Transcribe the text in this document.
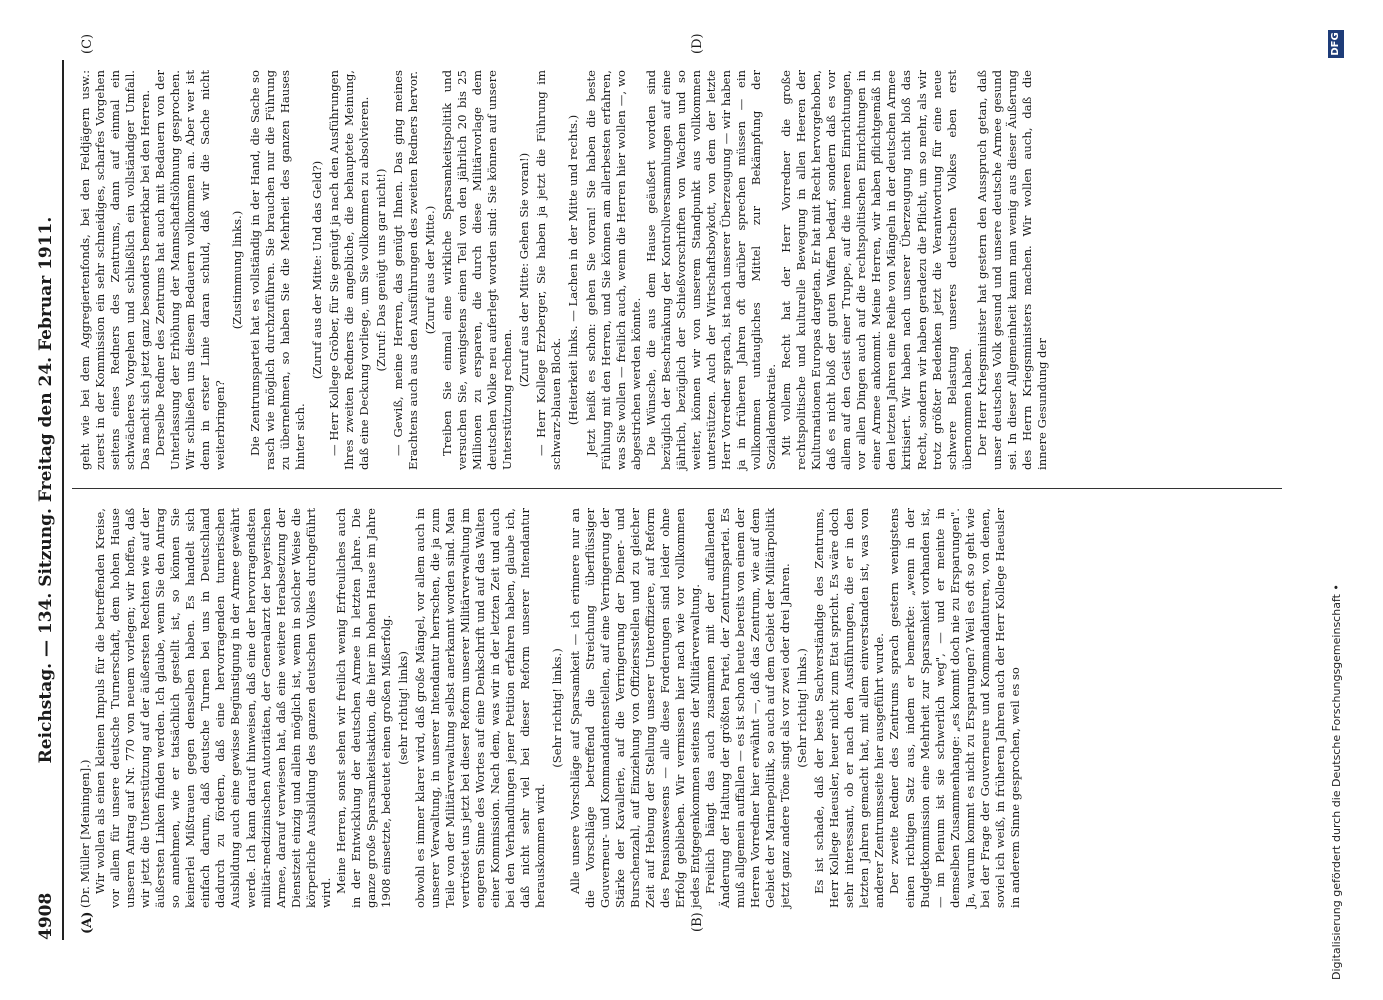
4908
Reichstag. — 134. Sitzung. Freitag den 24. Februar 1911.
(A)	(B)
(C)	(D)

(Dr. Müller [Meiningen].) Wir wollen als einen kleinen Impuls für die betreffenden Kreise, vor allem für unsere deutsche Turnerschaft, dem hohen Hause unseren Antrag auf Nr. 770 von neuem vorlegen; wir hoffen, daß wir jetzt die Unterstützung auf der äußersten Rechten wie auf der äußersten Linken finden werden. Ich glaube, wenn Sie den Antrag so annehmen, wie er tatsächlich gestellt ist, so können Sie keinerlei Mißtrauen gegen denselben haben. Es handelt sich einfach darum, daß deutsche Turnen bei uns in Deutschland dadurch zu fördern, daß eine hervorragenden turnerischen Ausbildung auch eine gewisse Begünstigung in der Armee gewährt werde. Ich kann darauf hinweisen, daß eine der hervorragendsten militär-medizinischen Autoritäten, der Generalarzt der bayerischen Armee, darauf verwiesen hat, daß eine weitere Herabsetzung der Dienstzeit einzig und allein möglich ist, wenn in solcher Weise die körperliche Ausbildung des ganzen deutschen Volkes durchgeführt wird. Meine Herren, sonst sehen wir freilich wenig Erfreuliches auch in der Entwicklung der deutschen Armee in letzten Jahre. Die ganze große Sparsamkeitsaktion, die hier im hohen Hause im Jahre 1908 einsetzte, bedeutet einen großen Mißerfolg. (sehr richtig! links) obwohl es immer klarer wird, daß große Mängel, vor allem auch in unserer Verwaltung, in unserer Intendantur herrschen, die ja zum Teile von der Militärverwaltung selbst anerkannt worden sind. Man vertröstet uns jetzt bei dieser Reform unserer Militärverwaltung im engeren Sinne des Wortes auf eine Denkschrift und auf das Walten einer Kommission. Nach dem, was wir in der letzten Zeit und auch bei den Verhandlungen jener Petition erfahren haben, glaube ich, daß nicht sehr viel bei dieser Reform unserer Intendantur herauskommen wird.

(Sehr richtig! links.) Alle unsere Vorschläge auf Sparsamkeit — ich erinnere nur an die Vorschläge betreffend die Streichung überflüssiger Gouverneur- und Kommandantenstellen, auf eine Verringerung der Stärke der Kavallerie, auf die Verringerung der Diener- und Burschenzahl, auf Einziehung von Offiziersstellen und zu gleicher Zeit auf Hebung der Stellung unserer Unteroffiziere, auf Reform des Pensionswesens — alle diese Forderungen sind leider ohne Erfolg geblieben. Wir vermissen hier nach wie vor vollkommen jedes Entgegenkommen seitens der Militärverwaltung. Freilich hängt das auch zusammen mit der auffallenden Änderung der Haltung der größten Partei, der Zentrumspartei. Es muß allgemein auffallen — es ist schon heute bereits von einem der Herren Vorredner hier erwähnt —, daß das Zentrum, wie auf dem Gebiet der Marinepolitik, so auch auf dem Gebiet der Militärpolitik jetzt ganz andere Töne singt als vor zwei oder drei Jahren. (Sehr richtig! links.) Es ist schade, daß der beste Sachverständige des Zentrums, Herr Kollege Haeusler, heuer nicht zum Etat spricht. Es wäre doch sehr interessant, ob er nach den Ausführungen, die er in den letzten Jahren gemacht hat, mit allem einverstanden ist, was von anderer Zentrumsseite hier ausgeführt wurde. Der zweite Redner des Zentrums sprach gestern wenigstens einen richtigen Satz aus, indem er bemerkte: „wenn in der Budgetkommission eine Mehrheit zur Sparsamkeit vorhanden ist, — im Plenum ist sie schwerlich weg", — und er meinte in demselben Zusammenhange: „es kommt doch nie zu Ersparungen". Ja, warum kommt es nicht zu Ersparungen? Weil es oft so geht wie bei der Frage der Gouverneure und Kommandanturen, von denen, soviel ich weiß, in früheren Jahren auch der Herr Kollege Haeusler in anderem Sinne gesprochen, weil es so

geht wie bei dem Aggregiertenfonds, bei den Feldjägern usw.: zuerst in der Kommission ein sehr schneidiges, scharfes Vorgehen seitens eines Redners des Zentrums, dann auf einmal ein schwächeres Vorgehen und schließlich ein vollständiger Umfall. Das macht sich jetzt ganz besonders bemerkbar bei den Herren. Derselbe Redner des Zentrums hat auch mit Bedauern von der Unterlassung der Erhöhung der Mannschaftslöhnung gesprochen. Wir schließen uns diesem Bedauern vollkommen an. Aber wer ist denn in erster Linie daran schuld, daß wir die Sache nicht weiterbringen?

(Zustimmung links.) Die Zentrumspartei hat es vollständig in der Hand, die Sache so rasch wie möglich durchzuführen. Sie brauchen nur die Führung zu übernehmen, so haben Sie die Mehrheit des ganzen Hauses hinter sich.

(Zuruf aus der Mitte: Und das Geld?) — Herr Kollege Gröber, für Sie genügt ja nach den Ausführungen Ihres zweiten Redners die angebliche, die behauptete Meinung, daß eine Deckung vorliege, um Sie vollkommen zu absolvieren. (Zuruf: Das genügt uns gar nicht!) — Gewiß, meine Herren, das genügt Ihnen. Das ging meines Erachtens auch aus den Ausführungen des zweiten Redners hervor. (Zuruf aus der Mitte.) Treiben Sie einmal eine wirkliche Sparsamkeitspolitik und versuchen Sie, wenigstens einen Teil von den jährlich 20 bis 25 Millionen zu ersparen, die durch diese Militärvorlage dem deutschen Volke neu auferlegt worden sind: Sie können auf unsere Unterstützung rechnen.

(Zuruf aus der Mitte: Gehen Sie voran!) — Herr Kollege Erzberger, Sie haben ja jetzt die Führung im schwarz-blauen Block. (Heiterkeit links. — Lachen in der Mitte und rechts.) Jetzt heißt es schon: gehen Sie voran! Sie haben die beste Fühlung mit den Herren, und Sie können am allerbesten erfahren, was Sie wollen — freilich auch, wenn die Herren hier wollen —, wo abgestrichen werden könnte. Die Wünsche, die aus dem Hause geäußert worden sind bezüglich der Beschränkung der Kontrollversammlungen auf eine jährlich, bezüglich der Schießvorschriften von Wachen und so weiter, können wir von unserem Standpunkt aus vollkommen unterstützen. Auch der Wirtschaftsboykott, von dem der letzte Herr Vorredner sprach, ist nach unserer Überzeugung — wir haben ja in früheren Jahren oft darüber sprechen müssen — ein vollkommen untaugliches Mittel zur Bekämpfung der Sozialdemokratie. Mit vollem Recht hat der Herr Vorredner die große rechtspolitische und kulturelle Bewegung in allen Heeren der Kulturnationen Europas dargetan. Er hat mit Recht hervorgehoben, daß es nicht bloß der guten Waffen bedarf, sondern daß es vor allem auf den Geist einer Truppe, auf die inneren Einrichtungen, vor allen Dingen auch auf die rechtspolitischen Einrichtungen in einer Armee ankommt. Meine Herren, wir haben pflichtgemäß in den letzten Jahren eine Reihe von Mängeln in der deutschen Armee kritisiert. Wir haben nach unserer Überzeugung nicht bloß das Recht, sondern wir haben geradezu die Pflicht, um so mehr, als wir trotz größter Bedenken jetzt die Verantwortung für eine neue schwere Belastung unseres deutschen Volkes eben erst übernommen haben. Der Herr Kriegsminister hat gestern den Ausspruch getan, daß unser deutsches Volk gesund und unsere deutsche Armee gesund sei. In dieser Allgemeinheit kann man wenig aus dieser Äußerung des Herrn Kriegsministers machen. Wir wollen auch, daß die innere Gesundung der

Digitalisierung gefördert durch die Deutsche Forschungsgemeinschaft •
DFG
